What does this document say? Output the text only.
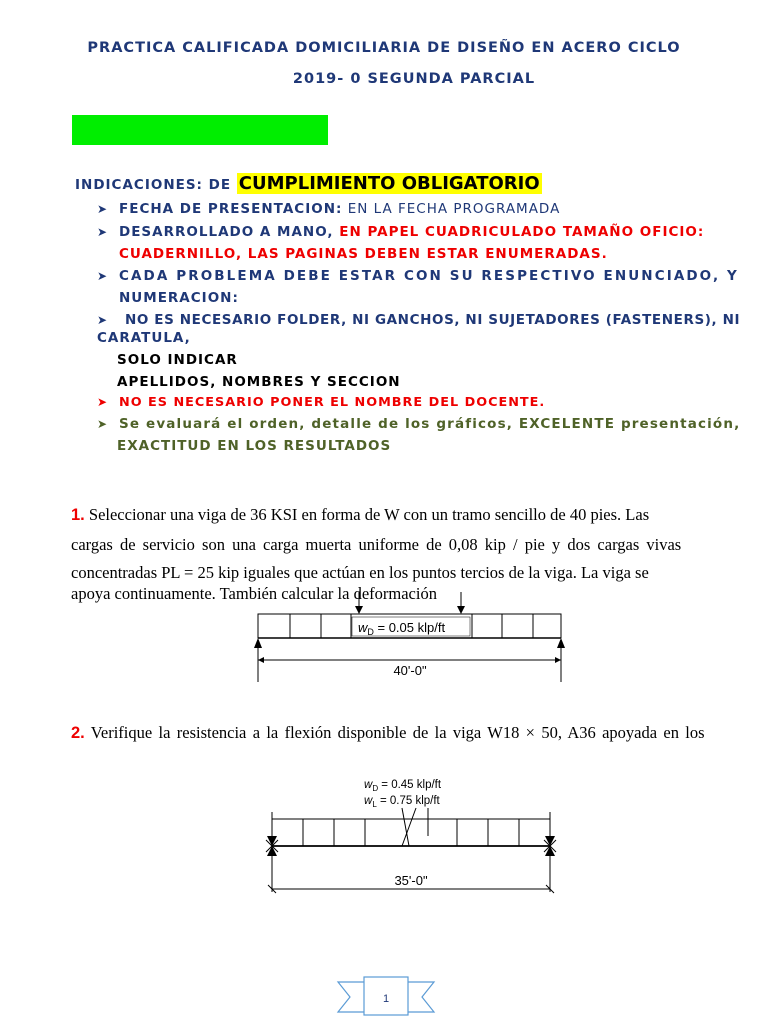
PRACTICA CALIFICADA DOMICILIARIA DE DISEÑO EN ACERO CICLO
2019- 0 SEGUNDA PARCIAL
INDICACIONES: DE CUMPLIMIENTO OBLIGATORIO
➤ FECHA DE PRESENTACION: EN LA FECHA PROGRAMADA
➤ DESARROLLADO A MANO, EN PAPEL CUADRICULADO TAMAÑO OFICIO:
CUADERNILLO, LAS PAGINAS DEBEN ESTAR ENUMERADAS.
➤ CADA PROBLEMA DEBE ESTAR CON SU RESPECTIVO ENUNCIADO, Y
NUMERACION:
➤ NO ES NECESARIO FOLDER, NI GANCHOS, NI SUJETADORES (FASTENERS), NI
CARATULA,
SOLO INDICAR
APELLIDOS, NOMBRES Y SECCION
➤ NO ES NECESARIO PONER EL NOMBRE DEL DOCENTE.
➤ Se evaluará el orden, detalle de los gráficos, EXCELENTE presentación,
EXACTITUD EN LOS RESULTADOS
1. Seleccionar una viga de 36 KSI en forma de W con un tramo sencillo de 40 pies. Las
cargas de servicio son una carga muerta uniforme de 0,08 kip / pie y dos cargas vivas
concentradas PL = 25 kip iguales que actúan en los puntos tercios de la viga. La viga se
apoya continuamente. También calcular la deformación
$w_D = 0.05$ klp/ft
40'-0"
2. Verifique la resistencia a la flexión disponible de la viga W18 × 50, A36 apoyada en los
$w_D = 0.45$ klp/ft
$w_L = 0.75$ klp/ft
35'-0"
1
